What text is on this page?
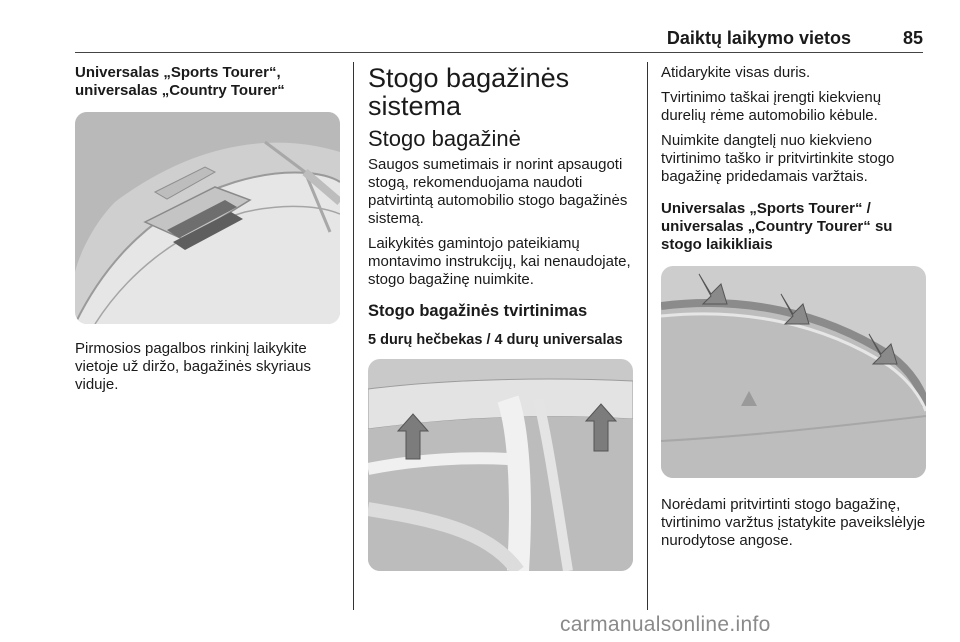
Daiktų laikymo vietos	85

Universalas „Sports Tourer“, universalas „Country Tourer“

Pirmosios pagalbos rinkinį laikykite vietoje už diržo, bagažinės skyriaus viduje.

Stogo bagažinės sistema
Stogo bagažinė

Saugos sumetimais ir norint apsaugoti stogą, rekomenduojama naudoti patvirtintą automobilio stogo bagažinės sistemą.

Laikykitės gamintojo pateikiamų montavimo instrukcijų, kai nenaudojate, stogo bagažinę nuimkite.

Stogo bagažinės tvirtinimas

5 durų hečbekas / 4 durų universalas

Atidarykite visas duris.

Tvirtinimo taškai įrengti kiekvienų durelių rėme automobilio kėbule.

Nuimkite dangtelį nuo kiekvieno tvirtinimo taško ir pritvirtinkite stogo bagažinę pridedamais varžtais.

Universalas „Sports Tourer“ / universalas „Country Tourer“ su stogo laikikliais

Norėdami pritvirtinti stogo bagažinę, tvirtinimo varžtus įstatykite paveikslėlyje nurodytose angose.

carmanualsonline.info
